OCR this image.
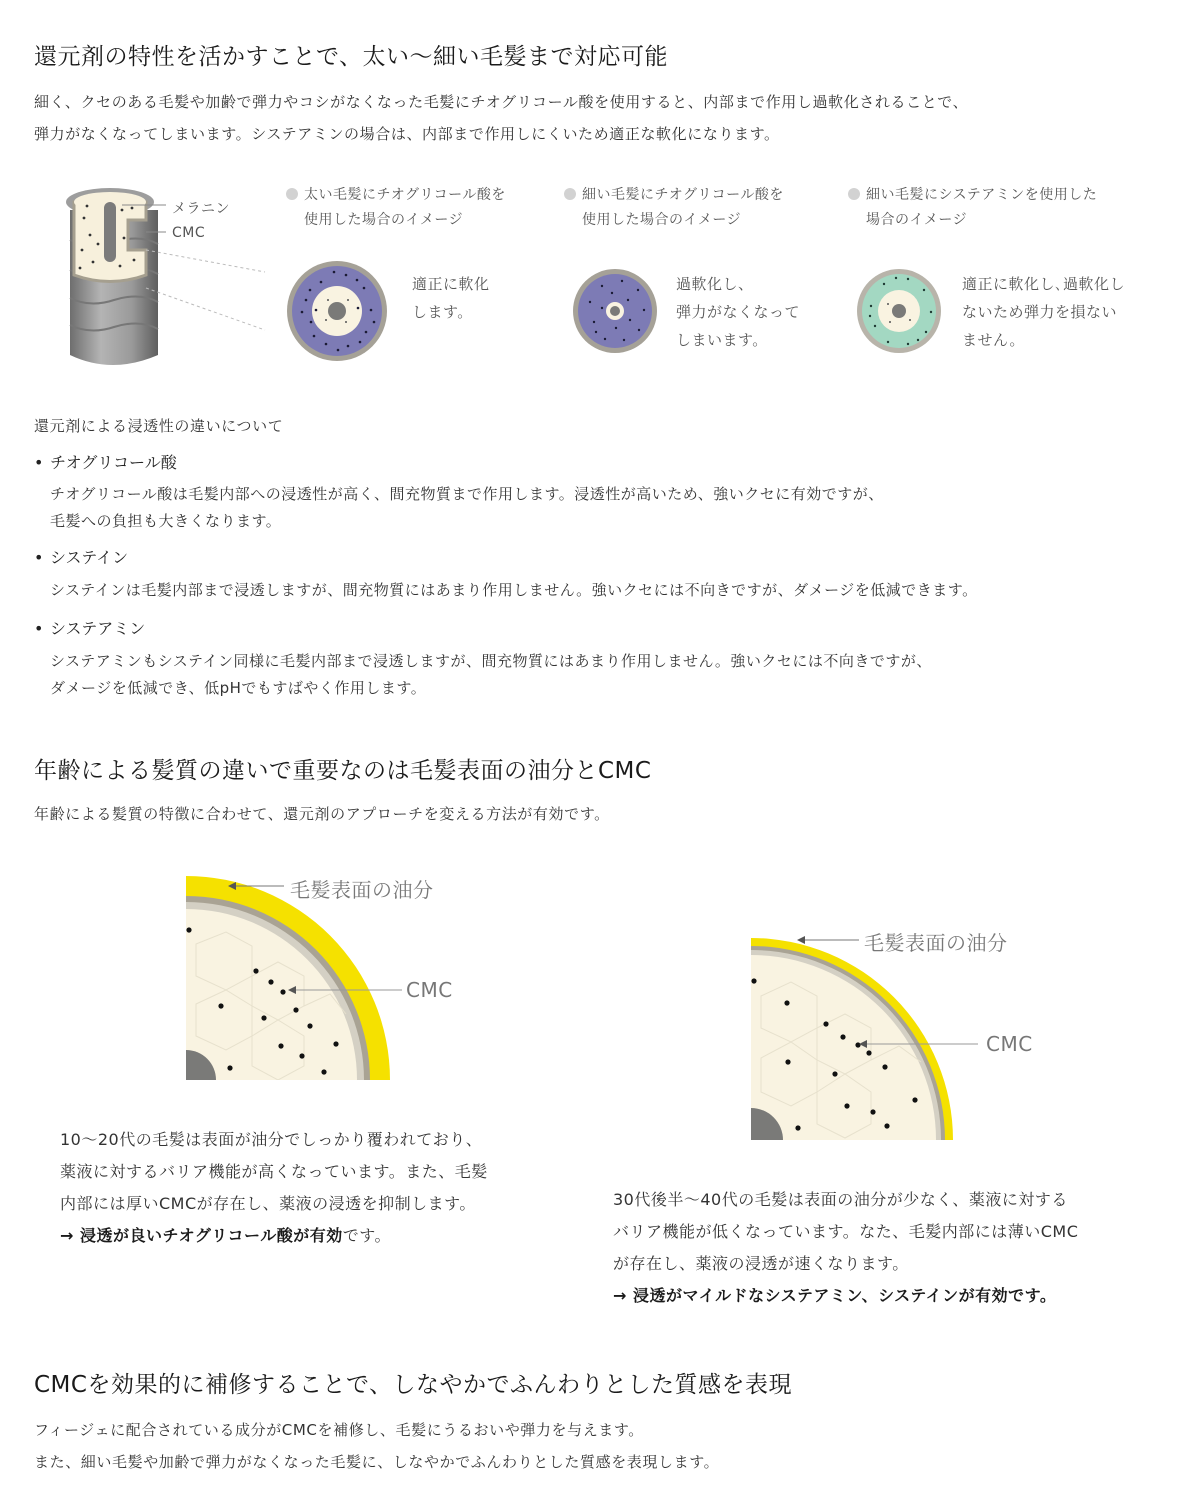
還元剤の特性を活かすことで、太い〜細い毛髪まで対応可能
細く、クセのある毛髪や加齢で弾力やコシがなくなった毛髪にチオグリコール酸を使用すると、内部まで作用し過軟化されることで、
弾力がなくなってしまいます。システアミンの場合は、内部まで作用しにくいため適正な軟化になります。
メラニン
CMC
太い毛髪にチオグリコール酸を
使用した場合のイメージ
適正に軟化
します。
細い毛髪にチオグリコール酸を
使用した場合のイメージ
過軟化し、
弾力がなくなって
しまいます。
細い毛髪にシステアミンを使用した
場合のイメージ
適正に軟化し､過軟化し
ないため弾力を損ない
ません。
還元剤による浸透性の違いについて
• チオグリコール酸
チオグリコール酸は毛髪内部への浸透性が高く、間充物質まで作用します。浸透性が高いため、強いクセに有効ですが、
毛髪への負担も大きくなります。
• システイン
システインは毛髪内部まで浸透しますが、間充物質にはあまり作用しません。強いクセには不向きですが、ダメージを低減できます。
• システアミン
システアミンもシステイン同様に毛髪内部まで浸透しますが、間充物質にはあまり作用しません。強いクセには不向きですが、
ダメージを低減でき、低pHでもすばやく作用します。
年齢による髪質の違いで重要なのは毛髪表面の油分とCMC
年齢による髪質の特徴に合わせて、還元剤のアプローチを変える方法が有効です。
毛髪表面の油分
CMC
10〜20代の毛髪は表面が油分でしっかり覆われており、
薬液に対するバリア機能が高くなっています。また、毛髪
内部には厚いCMCが存在し、薬液の浸透を抑制します。
→ 浸透が良いチオグリコール酸が有効です。
毛髪表面の油分
CMC
30代後半〜40代の毛髪は表面の油分が少なく、薬液に対する
バリア機能が低くなっています。なた、毛髪内部には薄いCMC
が存在し、薬液の浸透が速くなります。
→ 浸透がマイルドなシステアミン、システインが有効です。
CMCを効果的に補修することで、しなやかでふんわりとした質感を表現
フィージェに配合されている成分がCMCを補修し、毛髪にうるおいや弾力を与えます。
また、細い毛髪や加齢で弾力がなくなった毛髪に、しなやかでふんわりとした質感を表現します。
